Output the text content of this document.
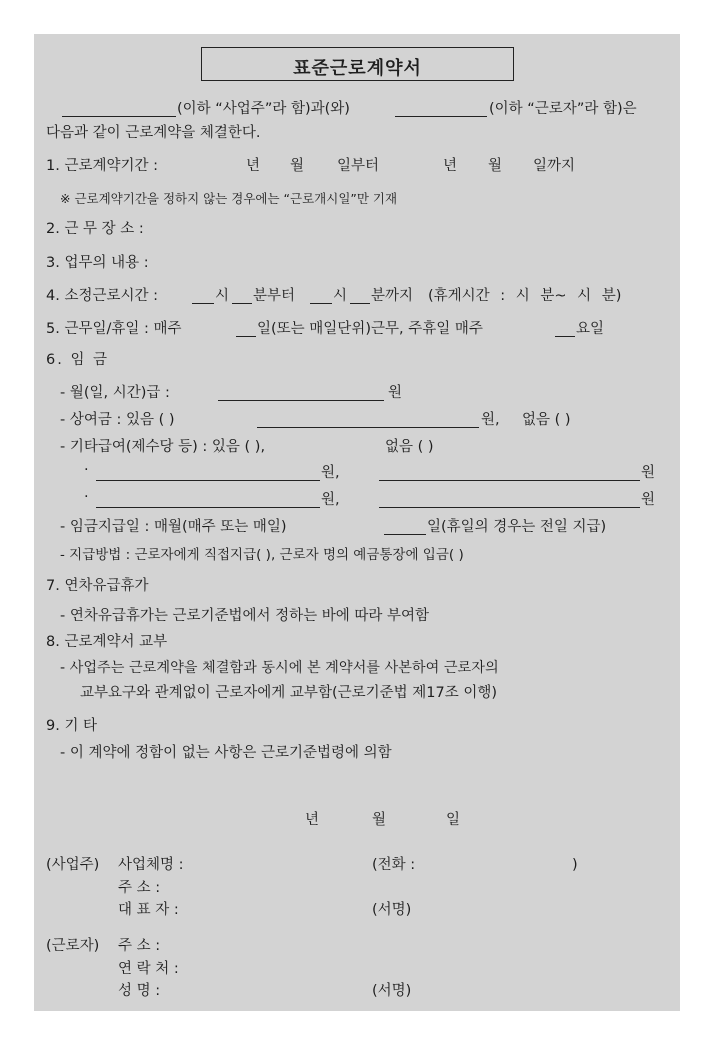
표준근로계약서
(이하 “사업주”라 함)과(와)	(이하 “근로자”라 함)은
다음과 같이 근로계약을 체결한다.
1. 근로계약기간 :	년 월 일부터	년 월 일까지
※ 근로계약기간을 정하지 않는 경우에는 “근로개시일”만 기재
2. 근 무 장 소 :
3. 업무의 내용 :
4. 소정근로시간 :	시 분부터	시 분까지 (휴게시간 : 시 분~ 시 분)
5. 근무일/휴일 : 매주	일(또는 매일단위)근무, 주휴일 매주	요일
6. 임 금
- 월(일, 시간)급 :	원
- 상여금 : 있음 ( )	원, 없음 ( )
- 기타급여(제수당 등) : 있음 ( ),	없음 ( )
·	원,	원
·	원,	원
- 임금지급일 : 매월(매주 또는 매일)	일(휴일의 경우는 전일 지급)
- 지급방법 : 근로자에게 직접지급( ), 근로자 명의 예금통장에 입금( )
7. 연차유급휴가
- 연차유급휴가는 근로기준법에서 정하는 바에 따라 부여함
8. 근로계약서 교부
- 사업주는 근로계약을 체결함과 동시에 본 계약서를 사본하여 근로자의
교부요구와 관계없이 근로자에게 교부함(근로기준법 제17조 이행)
9. 기 타
- 이 계약에 정함이 없는 사항은 근로기준법령에 의함
년	월	일
(사업주) 사업체명 :	(전화 :	)
주 소 :
대 표 자 :	(서명)
(근로자) 주 소 :
연 락 처 :
성 명 :	(서명)
